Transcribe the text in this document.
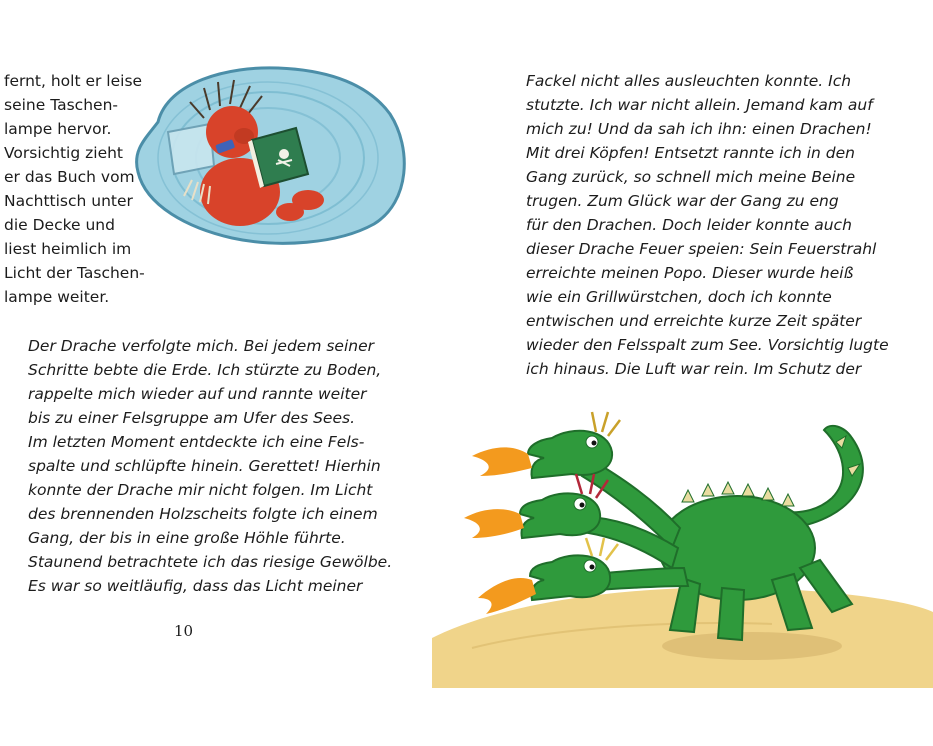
fernt, holt er leise
seine Taschen-
lampe hervor.
Vorsichtig zieht
er das Buch vom
Nachttisch unter
die Decke und
liest heimlich im
Licht der Taschen-
lampe weiter.

Der Drache verfolgte mich. Bei jedem seiner
Schritte bebte die Erde. Ich stürzte zu Boden,
rappelte mich wieder auf und rannte weiter
bis zu einer Felsgruppe am Ufer des Sees.
Im letzten Moment entdeckte ich eine Fels-
spalte und schlüpfte hinein. Gerettet! Hierhin
konnte der Drache mir nicht folgen. Im Licht
des brennenden Holzscheits folgte ich einem
Gang, der bis in eine große Höhle führte.
Staunend betrachtete ich das riesige Gewölbe.
Es war so weitläufig, dass das Licht meiner

10

Fackel nicht alles ausleuchten konnte. Ich
stutzte. Ich war nicht allein. Jemand kam auf
mich zu! Und da sah ich ihn: einen Drachen!
Mit drei Köpfen! Entsetzt rannte ich in den
Gang zurück, so schnell mich meine Beine
trugen. Zum Glück war der Gang zu eng
für den Drachen. Doch leider konnte auch
dieser Drache Feuer speien: Sein Feuerstrahl
erreichte meinen Popo. Dieser wurde heiß
wie ein Grillwürstchen, doch ich konnte
entwischen und erreichte kurze Zeit später
wieder den Felsspalt zum See. Vorsichtig lugte
ich hinaus. Die Luft war rein. Im Schutz der
